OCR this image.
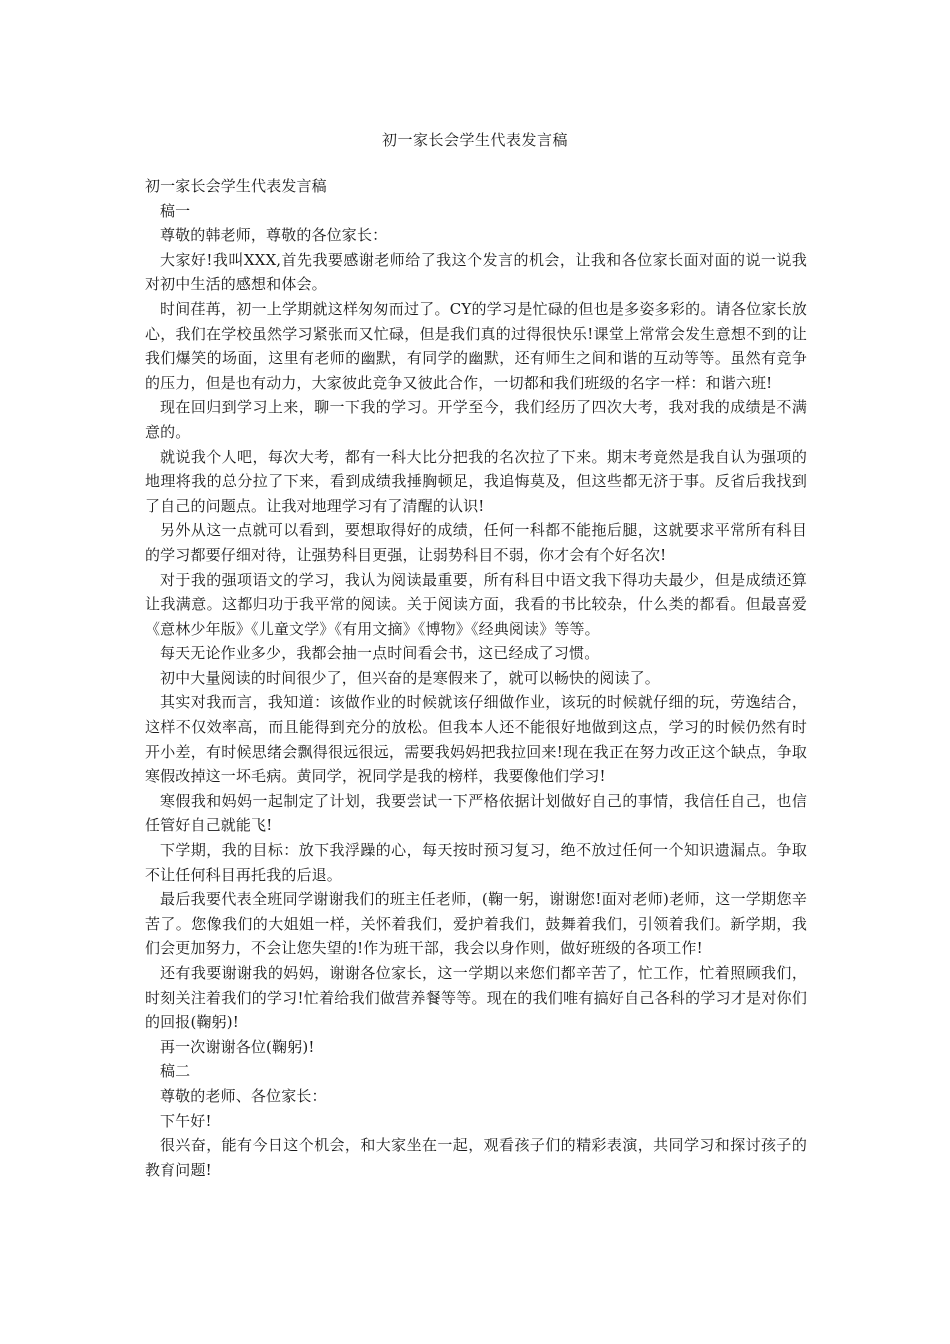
初一家长会学生代表发言稿

初一家长会学生代表发言稿

稿一

尊敬的韩老师，尊敬的各位家长：

大家好!我叫XXX,首先我要感谢老师给了我这个发言的机会，让我和各位家长面对面的说一说我对初中生活的感想和体会。

时间荏苒，初一上学期就这样匆匆而过了。CY的学习是忙碌的但也是多姿多彩的。请各位家长放心，我们在学校虽然学习紧张而又忙碌，但是我们真的过得很快乐!课堂上常常会发生意想不到的让我们爆笑的场面，这里有老师的幽默，有同学的幽默，还有师生之间和谐的互动等等。虽然有竞争的压力，但是也有动力，大家彼此竞争又彼此合作，一切都和我们班级的名字一样：和谐六班!

现在回归到学习上来，聊一下我的学习。开学至今，我们经历了四次大考，我对我的成绩是不满意的。

就说我个人吧，每次大考，都有一科大比分把我的名次拉了下来。期末考竟然是我自认为强项的地理将我的总分拉了下来，看到成绩我捶胸顿足，我追悔莫及，但这些都无济于事。反省后我找到了自己的问题点。让我对地理学习有了清醒的认识!

另外从这一点就可以看到，要想取得好的成绩，任何一科都不能拖后腿，这就要求平常所有科目的学习都要仔细对待，让强势科目更强，让弱势科目不弱，你才会有个好名次!

对于我的强项语文的学习，我认为阅读最重要，所有科目中语文我下得功夫最少，但是成绩还算让我满意。这都归功于我平常的阅读。关于阅读方面，我看的书比较杂，什么类的都看。但最喜爱《意林少年版》《儿童文学》《有用文摘》《博物》《经典阅读》等等。

每天无论作业多少，我都会抽一点时间看会书，这已经成了习惯。

初中大量阅读的时间很少了，但兴奋的是寒假来了，就可以畅快的阅读了。

其实对我而言，我知道：该做作业的时候就该仔细做作业，该玩的时候就仔细的玩，劳逸结合，这样不仅效率高，而且能得到充分的放松。但我本人还不能很好地做到这点，学习的时候仍然有时开小差，有时候思绪会飘得很远很远，需要我妈妈把我拉回来!现在我正在努力改正这个缺点，争取寒假改掉这一坏毛病。黄同学，祝同学是我的榜样，我要像他们学习!

寒假我和妈妈一起制定了计划，我要尝试一下严格依据计划做好自己的事情，我信任自己，也信任管好自己就能飞!

下学期，我的目标：放下我浮躁的心，每天按时预习复习，绝不放过任何一个知识遗漏点。争取不让任何科目再托我的后退。

最后我要代表全班同学谢谢我们的班主任老师，(鞠一躬，谢谢您!面对老师)老师，这一学期您辛苦了。您像我们的大姐姐一样，关怀着我们，爱护着我们，鼓舞着我们，引领着我们。新学期，我们会更加努力，不会让您失望的!作为班干部，我会以身作则，做好班级的各项工作!

还有我要谢谢我的妈妈，谢谢各位家长，这一学期以来您们都辛苦了，忙工作，忙着照顾我们，时刻关注着我们的学习!忙着给我们做营养餐等等。现在的我们唯有搞好自己各科的学习才是对你们的回报(鞠躬)!

再一次谢谢各位(鞠躬)!

稿二

尊敬的老师、各位家长：

下午好!

很兴奋，能有今日这个机会，和大家坐在一起，观看孩子们的精彩表演，共同学习和探讨孩子的教育问题!
